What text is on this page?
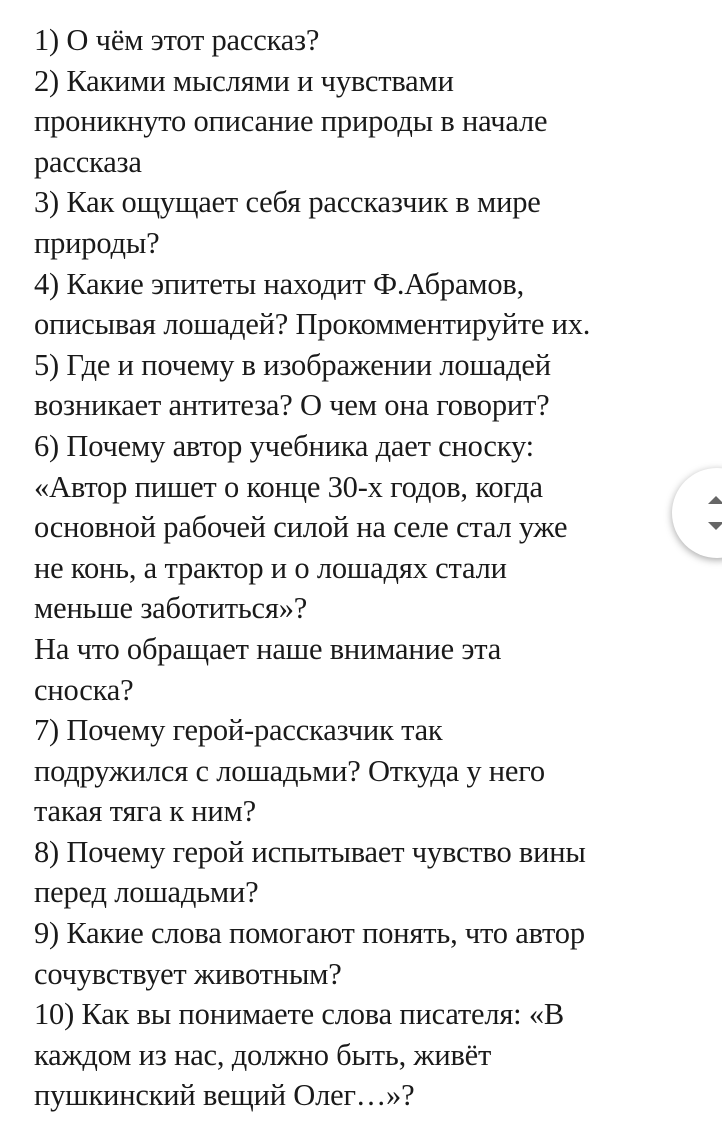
1) О чём этот рассказ?
2) Какими мыслями и чувствами
проникнуто описание природы в начале
рассказа
3) Как ощущает себя рассказчик в мире
природы?
4) Какие эпитеты находит Ф.Абрамов,
описывая лошадей? Прокомментируйте их.
5) Где и почему в изображении лошадей
возникает антитеза? О чем она говорит?
6) Почему автор учебника дает сноску:
«Автор пишет о конце 30-х годов, когда
основной рабочей силой на селе стал уже
не конь, а трактор и о лошадях стали
меньше заботиться»?
На что обращает наше внимание эта
сноска?
7) Почему герой-рассказчик так
подружился с лошадьми? Откуда у него
такая тяга к ним?
8) Почему герой испытывает чувство вины
перед лошадьми?
9) Какие слова помогают понять, что автор
сочувствует животным?
10) Как вы понимаете слова писателя: «В
каждом из нас, должно быть, живёт
пушкинский вещий Олег…»?
